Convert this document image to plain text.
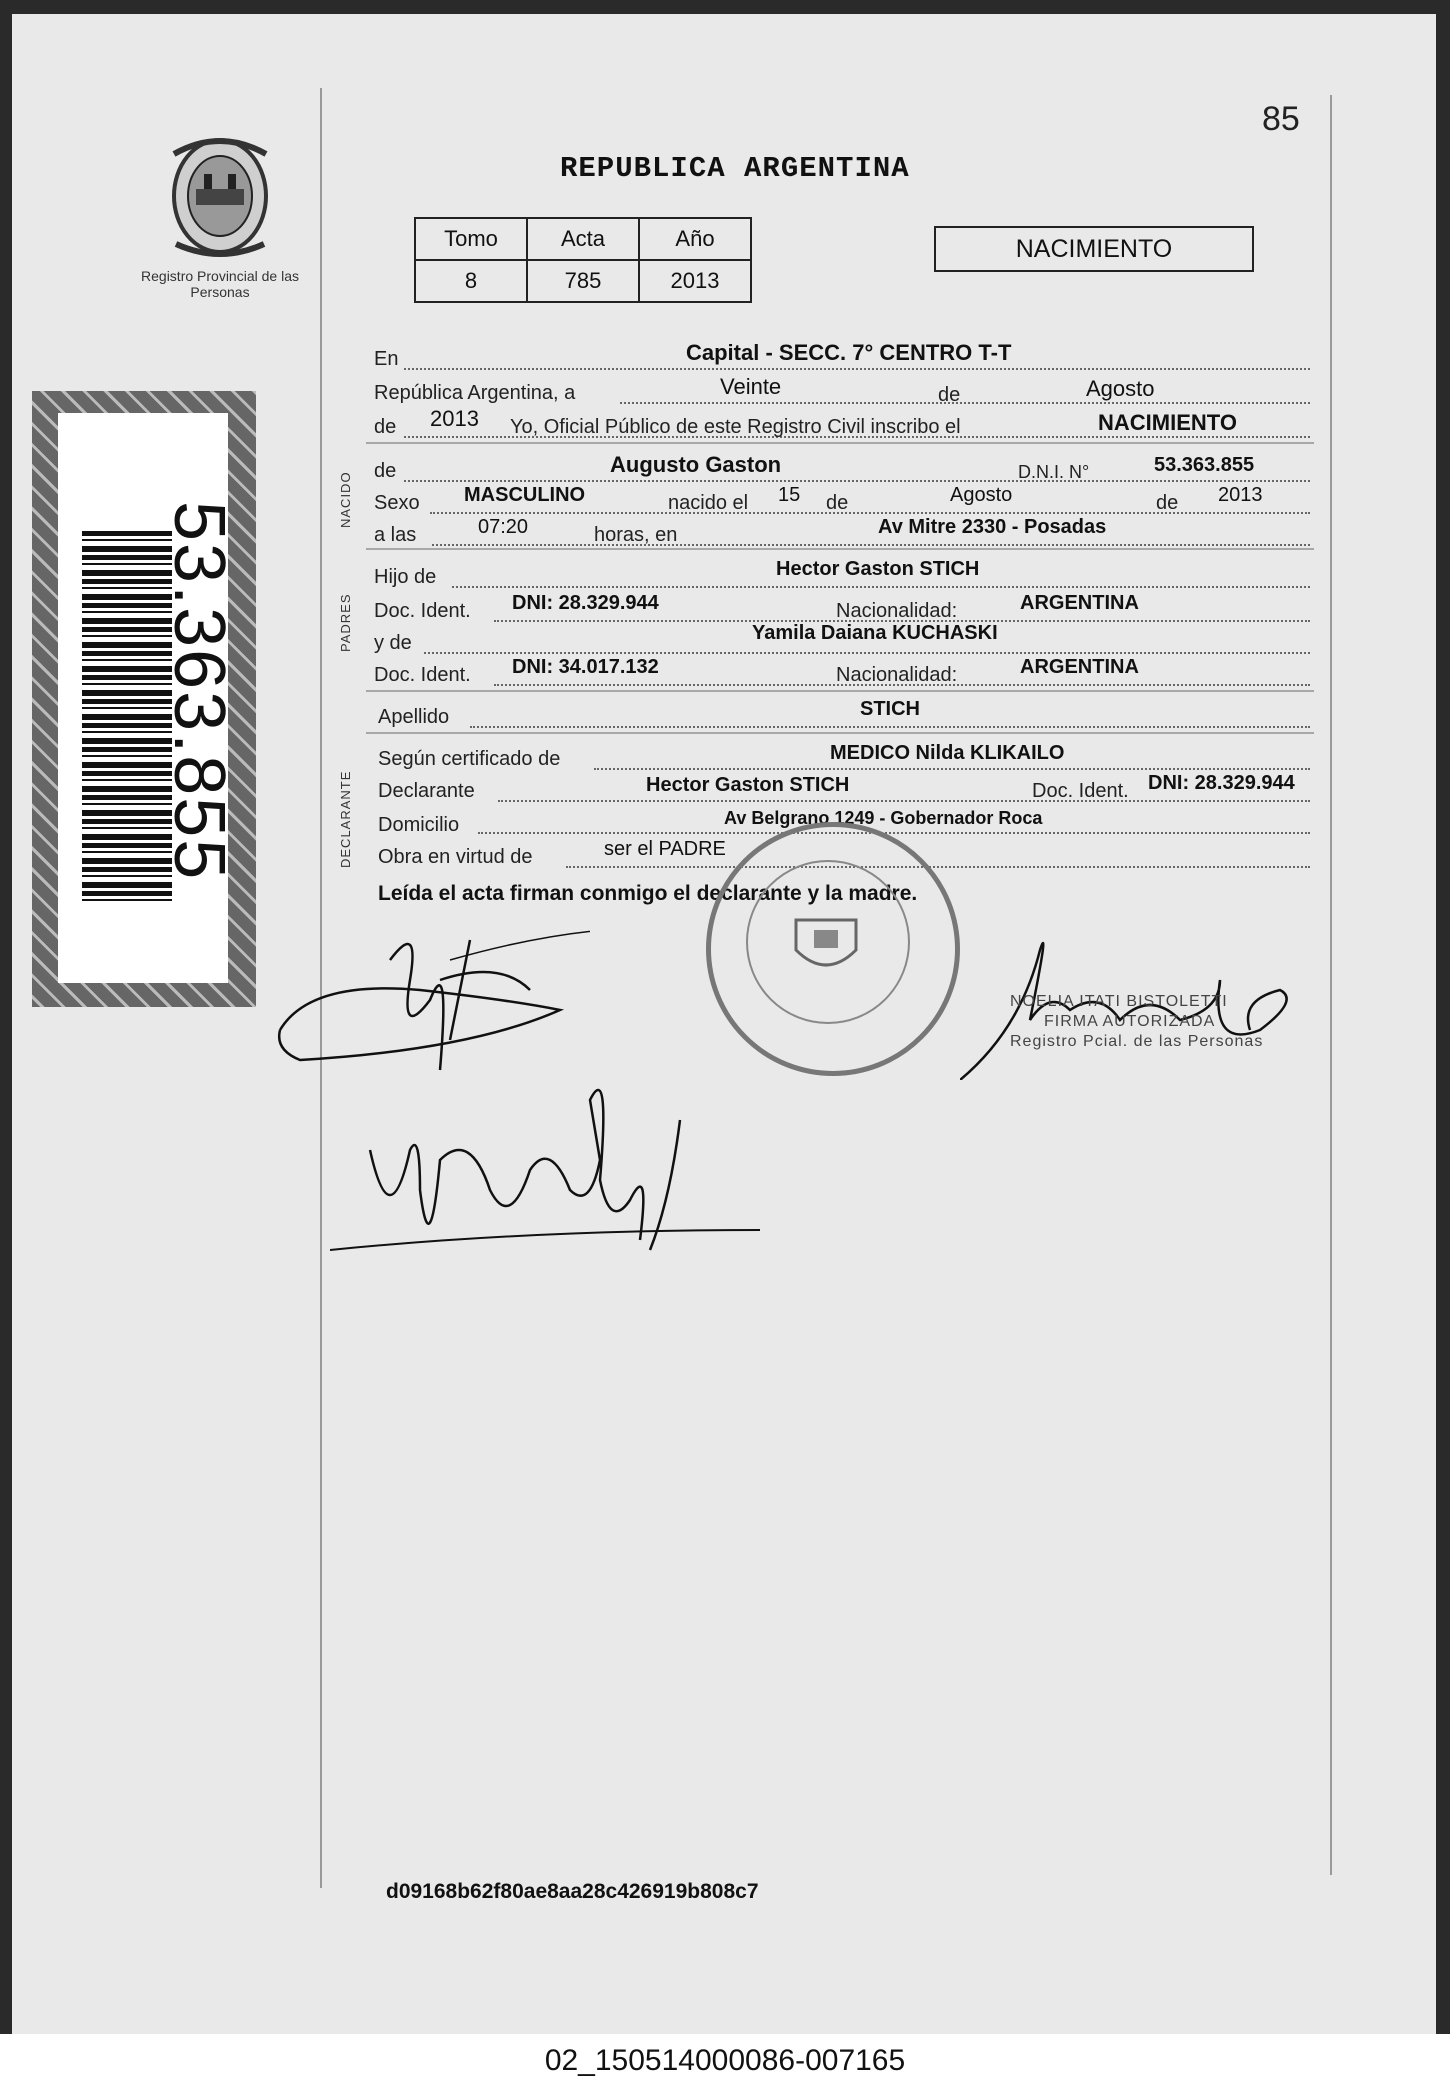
85
REPUBLICA ARGENTINA
Registro Provincial de las Personas
53.363.855
Tomo	Acta	Año
8	785	2013
NACIMIENTO
En	Capital - SECC. 7° CENTRO T-T
República Argentina, a	Veinte	de	Agosto
de 2013 Yo, Oficial Público de este Registro Civil inscribo el	NACIMIENTO
NACIDO
de	Augusto Gaston	D.N.I. N°	53.363.855
Sexo MASCULINO	nacido el 15 de	Agosto	de 2013
a las	07:20	horas, en	Av Mitre 2330 - Posadas
PADRES
Hijo de	Hector Gaston STICH
Doc. Ident. DNI: 28.329.944	Nacionalidad:	ARGENTINA
y de	Yamila Daiana KUCHASKI
Doc. Ident. DNI: 34.017.132	Nacionalidad:	ARGENTINA
Apellido	STICH
DECLARANTE
Según certificado de	MEDICO Nilda KLIKAILO
Declarante	Hector Gaston STICH	Doc. Ident. DNI: 28.329.944
Domicilio	Av Belgrano 1249 - Gobernador Roca
Obra en virtud de	ser el PADRE
Leída el acta firman conmigo el declarante y la madre.
NOELIA ITATI BISTOLETTI
FIRMA AUTORIZADA
Registro Pcial. de las Personas
d09168b62f80ae8aa28c426919b808c7
02_150514000086-007165
